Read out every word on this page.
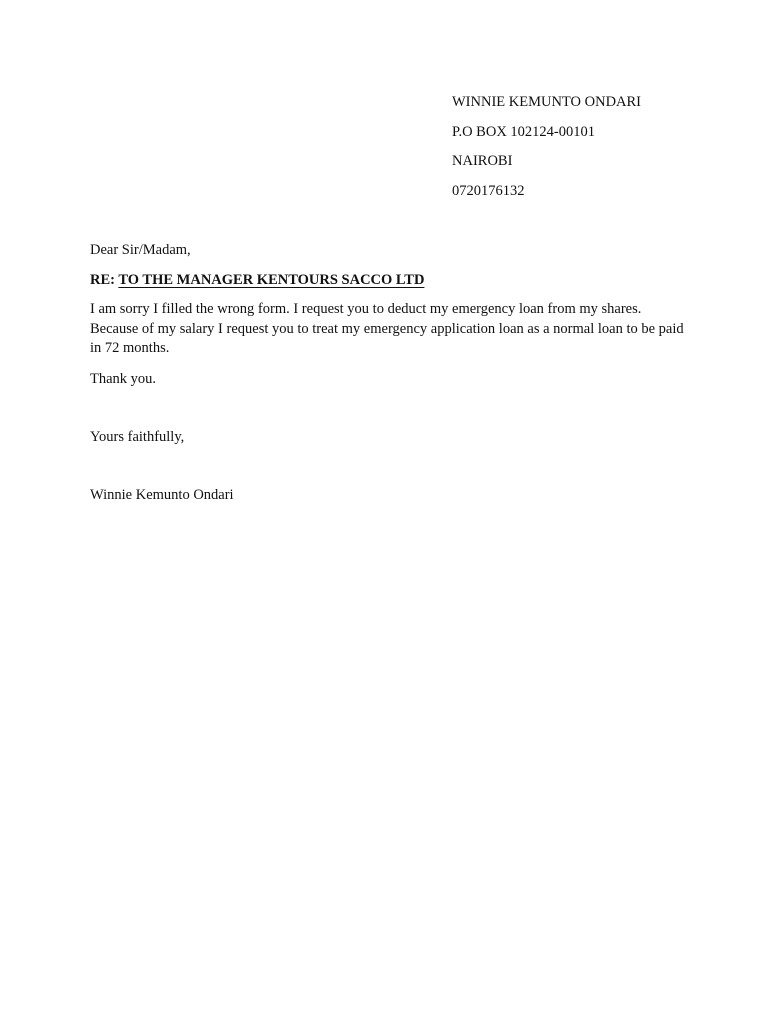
WINNIE KEMUNTO ONDARI
P.O BOX 102124-00101
NAIROBI
0720176132
Dear Sir/Madam,
RE: TO THE MANAGER KENTOURS SACCO LTD
I am sorry I filled the wrong form. I request you to deduct my emergency loan from my shares. Because of my salary I request you to treat my emergency application loan as a normal loan to be paid in 72 months.
Thank you.
Yours faithfully,
Winnie Kemunto Ondari
